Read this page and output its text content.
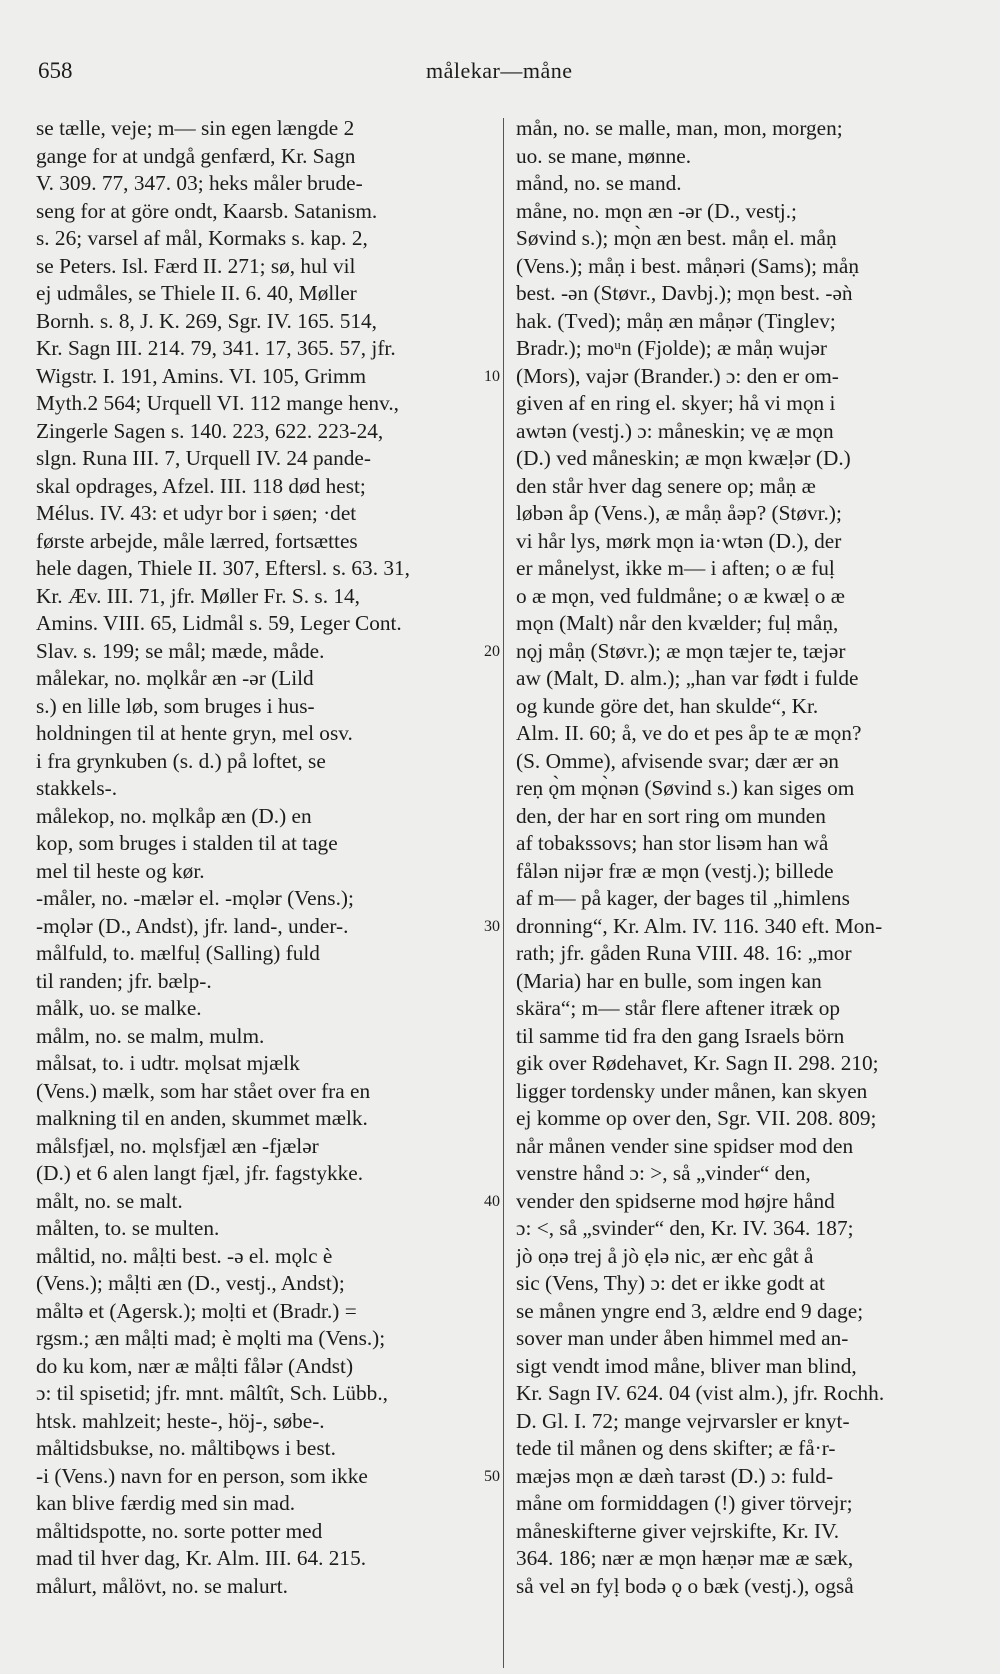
658	målekar—måne
se tælle, veje; m— sin egen længde 2
gange for at undgå genfærd, Kr. Sagn
V. 309. 77, 347. 03; heks måler brude-
seng for at göre ondt, Kaarsb. Satanism.
s. 26; varsel af mål, Kormaks s. kap. 2,
se Peters. Isl. Færd II. 271; sø, hul vil
ej udmåles, se Thiele II. 6. 40, Møller
Bornh. s. 8, J. K. 269, Sgr. IV. 165. 514,
Kr. Sagn III. 214. 79, 341. 17, 365. 57, jfr.
Wigstr. I. 191, Amins. VI. 105, Grimm
Myth.2 564; Urquell VI. 112 mange henv.,
Zingerle Sagen s. 140. 223, 622. 223-24,
slgn. Runa III. 7, Urquell IV. 24 pande-
skal opdrages, Afzel. III. 118 død hest;
Mélus. IV. 43: et udyr bor i søen; ·det
første arbejde, måle lærred, fortsættes
hele dagen, Thiele II. 307, Eftersl. s. 63. 31,
Kr. Æv. III. 71, jfr. Møller Fr. S. s. 14,
Amins. VIII. 65, Lidmål s. 59, Leger Cont.
Slav. s. 199; se mål; mæde, måde.
målekar, no. mǫlkår æn -ər (Lild
s.) en lille løb, som bruges i hus-
holdningen til at hente gryn, mel osv.
i fra grynkuben (s. d.) på loftet, se
stakkels-.
målekop, no. mǫlkåp æn (D.) en
kop, som bruges i stalden til at tage
mel til heste og kør.
-måler, no. -mælər el. -mǫlər (Vens.);
-mǫlər (D., Andst), jfr. land-, under-.
målfuld, to. mælfuḷ (Salling) fuld
til randen; jfr. bælp-.
målk, uo. se malke.
målm, no. se malm, mulm.
målsat, to. i udtr. mǫlsat mjælk
(Vens.) mælk, som har stået over fra en
malkning til en anden, skummet mælk.
målsfjæl, no. mǫlsfjæl æn -fjælər
(D.) et 6 alen langt fjæl, jfr. fagstykke.
målt, no. se malt.
målten, to. se multen.
måltid, no. måḷti best. -ə el. mǫlc è
(Vens.); måḷti æn (D., vestj., Andst);
måltə et (Agersk.); moḷti et (Bradr.) =
rgsm.; æn måḷti mad; è mǫlti ma (Vens.);
do ku kom, nær æ måḷti fålər (Andst)
ɔ: til spisetid; jfr. mnt. mâltît, Sch. Lübb.,
htsk. mahlzeit; heste-, höj-, søbe-.
måltidsbukse, no. måltibǫws i best.
-i (Vens.) navn for en person, som ikke
kan blive færdig med sin mad.
måltidspotte, no. sorte potter med
mad til hver dag, Kr. Alm. III. 64. 215.
målurt, målövt, no. se malurt.
mån, no. se malle, man, mon, morgen;
uo. se mane, mønne.
månd, no. se mand.
måne, no. mǫn æn -ər (D., vestj.;
Søvind s.); mǫ̀n æn best. måṇ el. måṇ
(Vens.); måṇ i best. måṇəri (Sams); måṇ
best. -ən (Støvr., Davbj.); mǫn best. -əǹ
hak. (Tved); måṇ æn måṇər (Tinglev;
Bradr.); moᵘn (Fjolde); æ måṇ wujər
(Mors), vajər (Brander.) ɔ: den er om-
given af en ring el. skyer; hå vi mǫn i
awtən (vestj.) ɔ: måneskin; vẹ æ mǫn
(D.) ved måneskin; æ mǫn kwæḷər (D.)
den står hver dag senere op; måṇ æ
løbən åp (Vens.), æ måṇ åəp? (Støvr.);
vi hår lys, mørk mǫn ia·wtən (D.), der
er månelyst, ikke m— i aften; o æ fuḷ
o æ mǫn, ved fuldmåne; o æ kwæḷ o æ
mǫn (Malt) når den kvælder; fuḷ måṇ,
nǫj måṇ (Støvr.); æ mǫn tæjer te, tæjər
aw (Malt, D. alm.); „han var født i fulde
og kunde göre det, han skulde“, Kr.
Alm. II. 60; å, ve do et pes åp te æ mǫn?
(S. Omme), afvisende svar; dær ær ən
reṇ ǫ̀m mǫ̀nən (Søvind s.) kan siges om
den, der har en sort ring om munden
af tobakssovs; han stor lisəm han wå
fålən nijər fræ æ mǫn (vestj.); billede
af m— på kager, der bages til „himlens
dronning“, Kr. Alm. IV. 116. 340 eft. Mon-
rath; jfr. gåden Runa VIII. 48. 16: „mor
(Maria) har en bulle, som ingen kan
skära“; m— står flere aftener itræk op
til samme tid fra den gang Israels börn
gik over Rødehavet, Kr. Sagn II. 298. 210;
ligger tordensky under månen, kan skyen
ej komme op over den, Sgr. VII. 208. 809;
når månen vender sine spidser mod den
venstre hånd ɔ: >, så „vinder“ den,
vender den spidserne mod højre hånd
ɔ: <, så „svinder“ den, Kr. IV. 364. 187;
jò oṇə trej å jò ẹlə nic, ær eǹc gåt å
sic (Vens, Thy) ɔ: det er ikke godt at
se månen yngre end 3, ældre end 9 dage;
sover man under åben himmel med an-
sigt vendt imod måne, bliver man blind,
Kr. Sagn IV. 624. 04 (vist alm.), jfr. Rochh.
D. Gl. I. 72; mange vejrvarsler er knyt-
tede til månen og dens skifter; æ få·r-
mæjəs mǫn æ dæǹ tarəst (D.) ɔ: fuld-
måne om formiddagen (!) giver törvejr;
måneskifterne giver vejrskifte, Kr. IV.
364. 186; nær æ mǫn hæṇər mæ æ sæk,
så vel ən fyḷ bodə ǫ o bæk (vestj.), også
10
20
30
40
50
